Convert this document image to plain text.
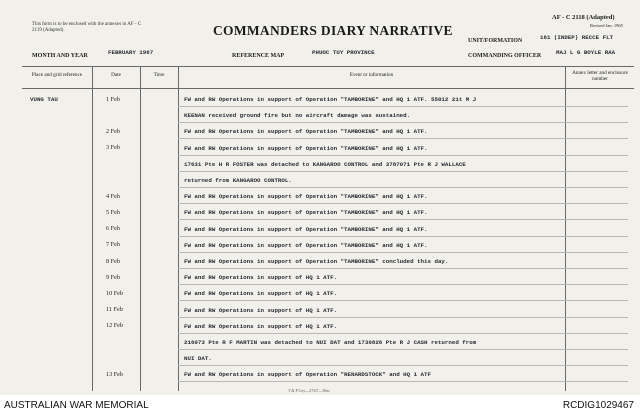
This form is to be enclosed with the annexes in AF - C 2119 (Adapted).	COMMANDERS DIARY NARRATIVE
AF - C 2118 (Adapted)
Revised Jan. 1965
MONTH AND YEAR	FEBRUARY 1967	REFERENCE MAP	PHUOC TUY PROVINCE
UNIT/FORMATION	161 (INDEP) RECCE FLT
COMMANDING OFFICER	MAJ L G BOYLE RAA
Place and grid reference	Date	Time	Event or information	Annex letter and enclosure number
VUNG TAU	1 Feb	FW and RW Operations in support of Operation "TAMBORINE" and HQ 1 ATF. 55012 21t M J
KEENAN received ground fire but no aircraft damage was sustained.
2 Feb	FW and RW Operations in support of Operation "TAMBORINE" and HQ 1 ATF.
3 Feb	FW and RW Operations in support of Operation "TAMBORINE" and HQ 1 ATF.
17631 Pte H R FOSTER was detached to KANGAROO CONTROL and 3787071 Pte R J WALLACE
returned from KANGAROO CONTROL.
4 Feb	FW and RW Operations in support of Operation "TAMBORINE" and HQ 1 ATF.
5 Feb	FW and RW Operations in support of Operation "TAMBORINE" and HQ 1 ATF.
6 Feb	FW and RW Operations in support of Operation "TAMBORINE" and HQ 1 ATF.
7 Feb	FW and RW Operations in support of Operation "TAMBORINE" and HQ 1 ATF.
8 Feb	FW and RW Operations in support of Operation "TAMBORINE" concluded this day.
9 Feb	FW and RW Operations in support of HQ 1 ATF.
10 Feb	FW and RW Operations in support of HQ 1 ATF.
11 Feb	FW and RW Operations in support of HQ 1 ATF.
12 Feb	FW and RW Operations in support of HQ 1 ATF.
216073 Pte R F MARTIN was detached to NUI DAT and 1730826 Pte R J CASH returned from
NUI DAT.
13 Feb	FW and RW Operations in support of Operation "RENARDSTOCK" and HQ 1 ATF
T & P Coy—27/67—30m
AUSTRALIAN WAR MEMORIAL	RCDIG1029467
